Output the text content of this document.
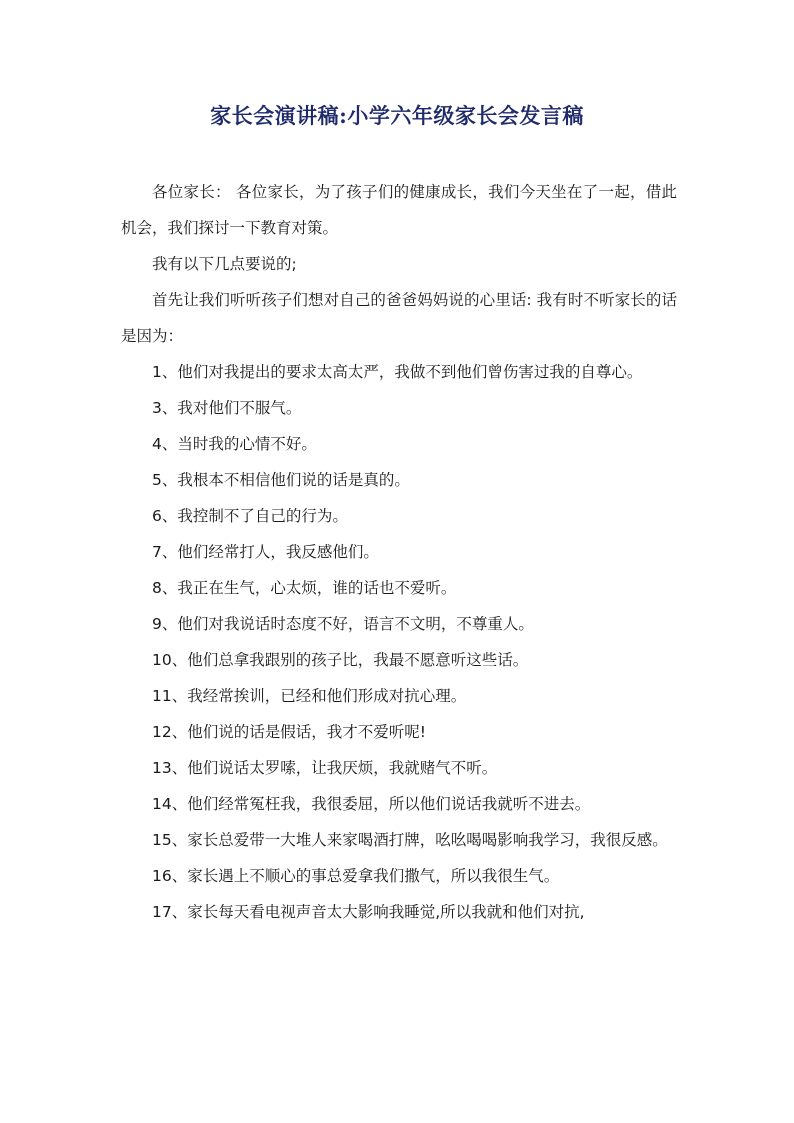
家长会演讲稿:小学六年级家长会发言稿

各位家长： 各位家长，为了孩子们的健康成长，我们今天坐在了一起，借此机会，我们探讨一下教育对策。

我有以下几点要说的;

首先让我们听听孩子们想对自己的爸爸妈妈说的心里话: 我有时不听家长的话是因为：

1、他们对我提出的要求太高太严，我做不到他们曾伤害过我的自尊心。

3、我对他们不服气。

4、当时我的心情不好。

5、我根本不相信他们说的话是真的。

6、我控制不了自己的行为。

7、他们经常打人，我反感他们。

8、我正在生气，心太烦，谁的话也不爱听。

9、他们对我说话时态度不好，语言不文明，不尊重人。

10、他们总拿我跟别的孩子比，我最不愿意听这些话。

11、我经常挨训，已经和他们形成对抗心理。

12、他们说的话是假话，我才不爱听呢!

13、他们说话太罗嗦，让我厌烦，我就赌气不听。

14、他们经常冤枉我，我很委屈，所以他们说话我就听不进去。

15、家长总爱带一大堆人来家喝酒打牌，吆吆喝喝影响我学习，我很反感。

16、家长遇上不顺心的事总爱拿我们撒气，所以我很生气。

17、家长每天看电视声音太大影响我睡觉,所以我就和他们对抗,
